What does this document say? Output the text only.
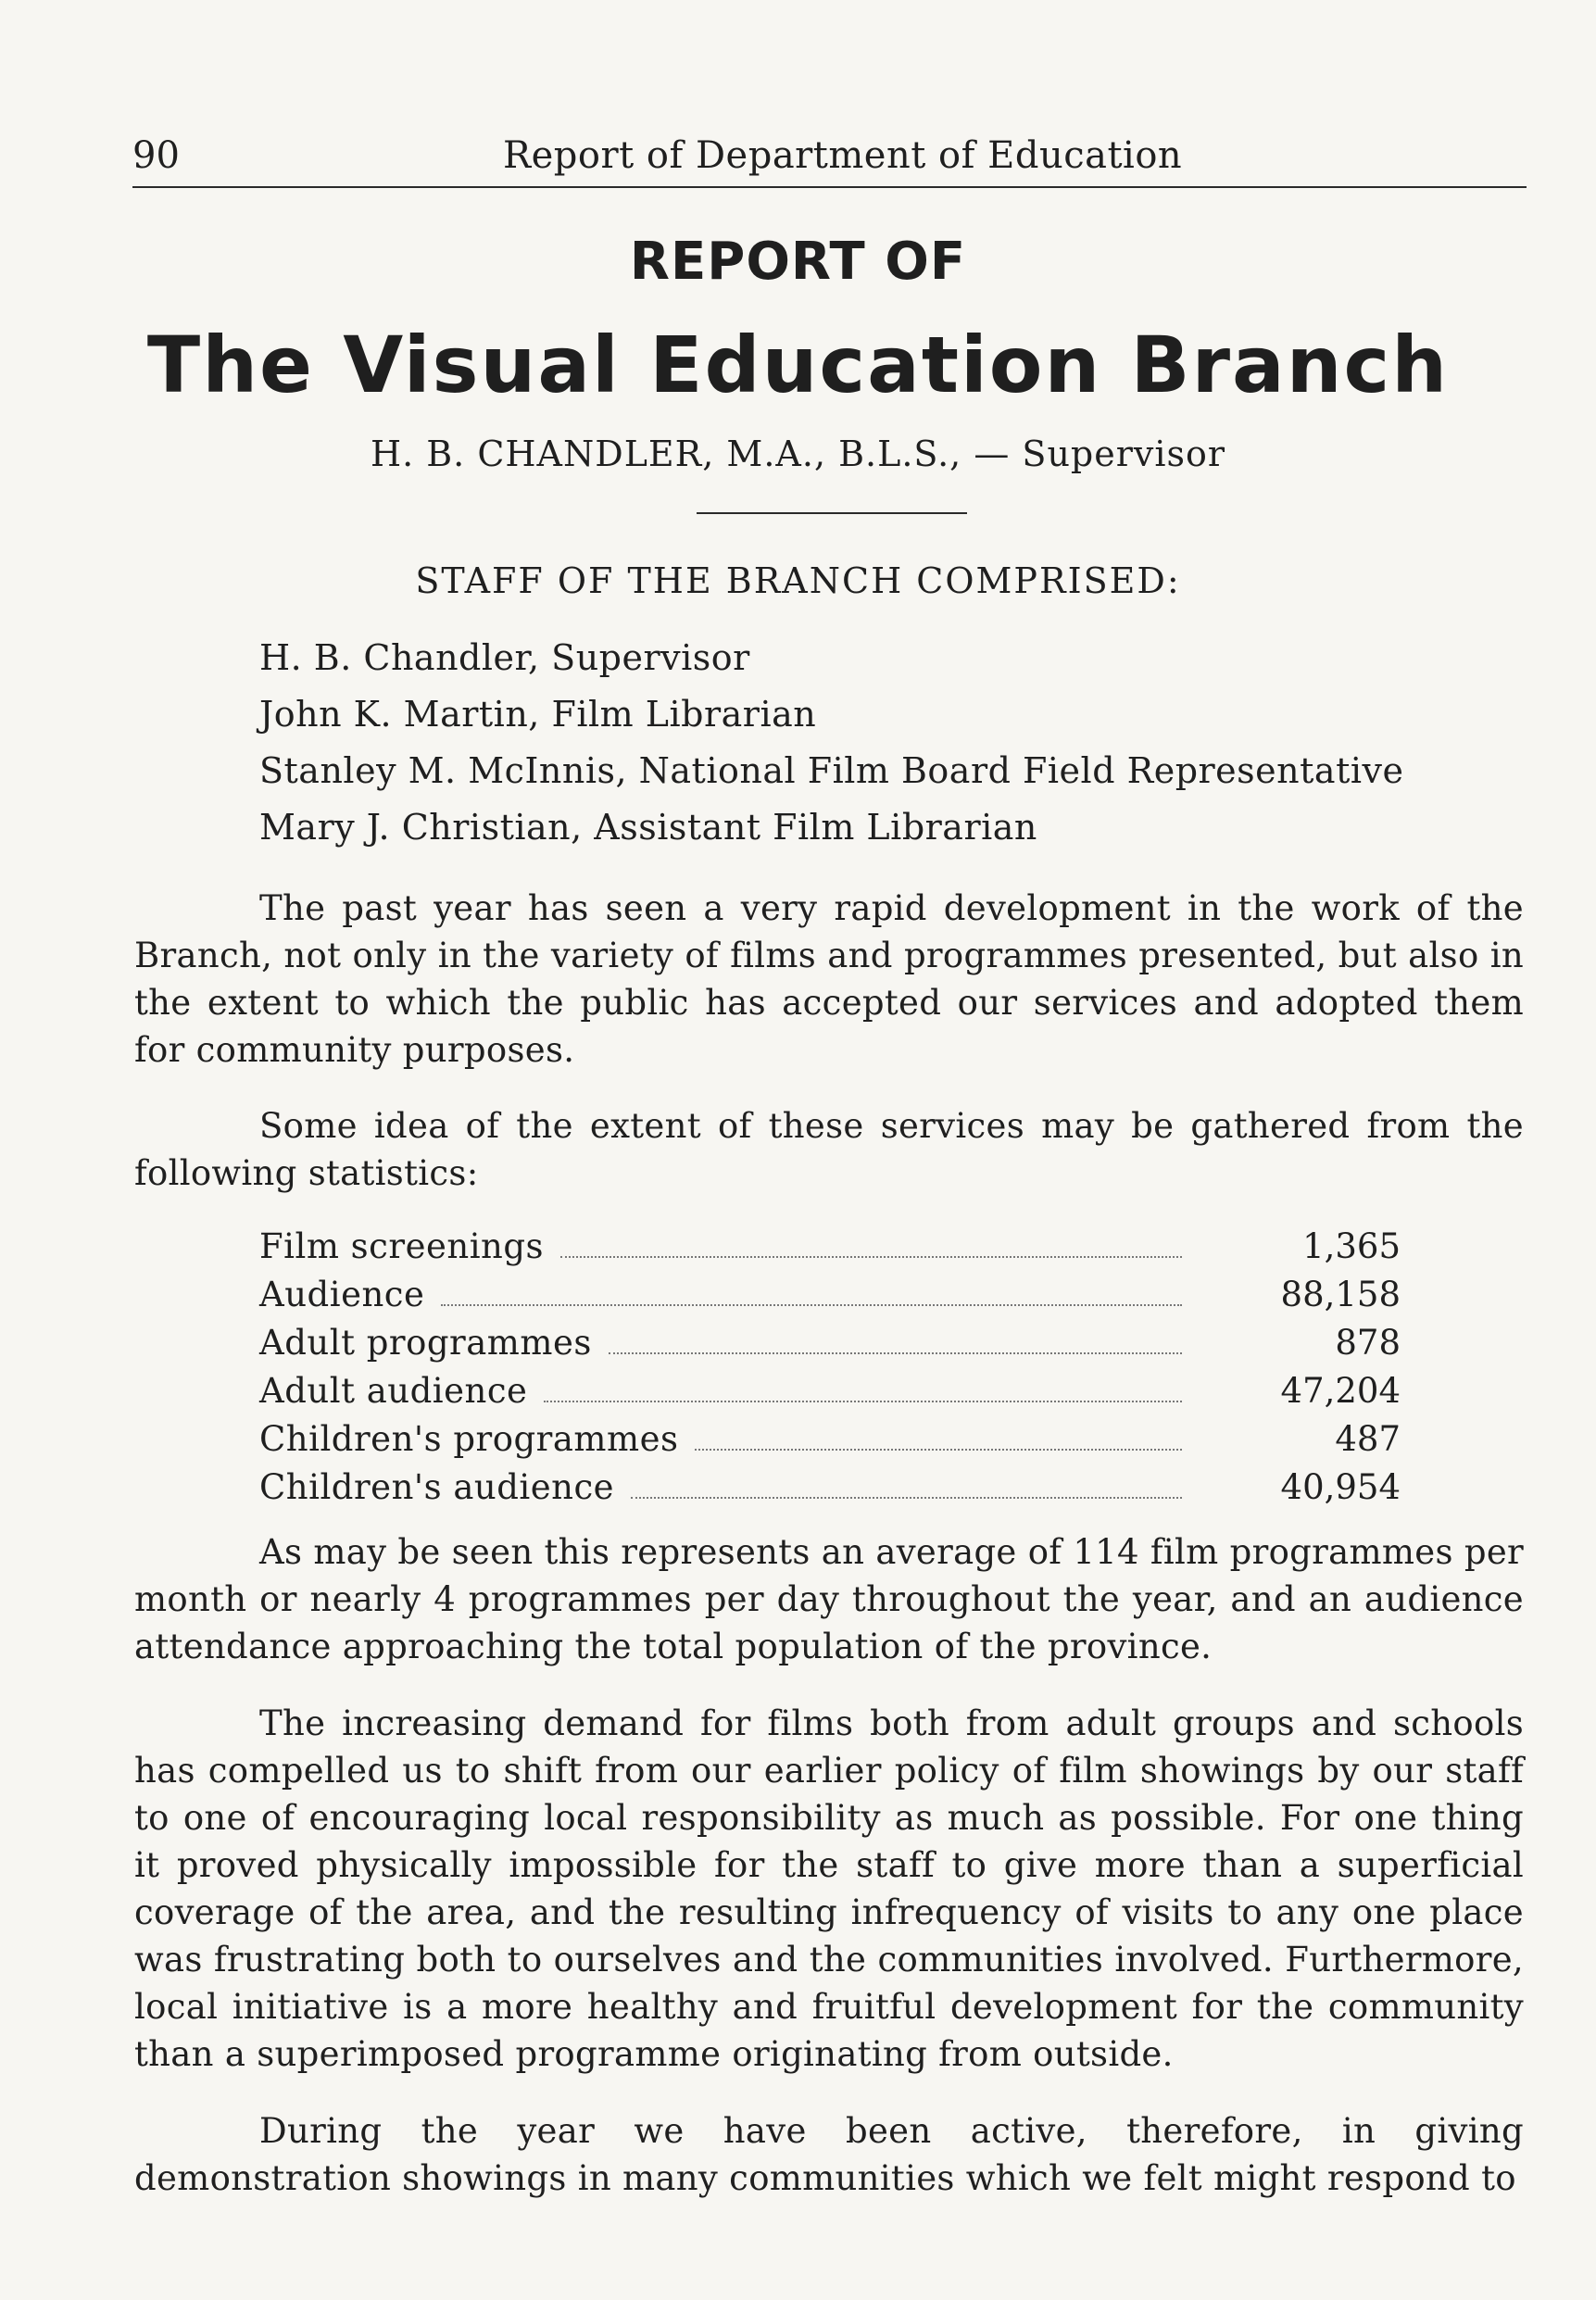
90	Report of Department of Education
REPORT OF
The Visual Education Branch
H. B. CHANDLER, M.A., B.L.S., — Supervisor
STAFF OF THE BRANCH COMPRISED:
H. B. Chandler, Supervisor
John K. Martin, Film Librarian
Stanley M. McInnis, National Film Board Field Representative
Mary J. Christian, Assistant Film Librarian
The past year has seen a very rapid development in the work of the Branch, not only in the variety of films and programmes presented, but also in the extent to which the public has accepted our services and adopted them for community purposes.
Some idea of the extent of these services may be gathered from the following statistics:
Film screenings	1,365
Audience	88,158
Adult programmes	878
Adult audience	47,204
Children's programmes	487
Children's audience	40,954
As may be seen this represents an average of 114 film programmes per month or nearly 4 programmes per day throughout the year, and an audience attendance approaching the total population of the province.
The increasing demand for films both from adult groups and schools has compelled us to shift from our earlier policy of film showings by our staff to one of encouraging local responsibility as much as possible. For one thing it proved physically impossible for the staff to give more than a superficial coverage of the area, and the resulting infrequency of visits to any one place was frustrating both to ourselves and the communities involved. Furthermore, local initiative is a more healthy and fruitful development for the community than a superimposed programme originating from outside.
During the year we have been active, therefore, in giving demonstration showings in many communities which we felt might respond to
